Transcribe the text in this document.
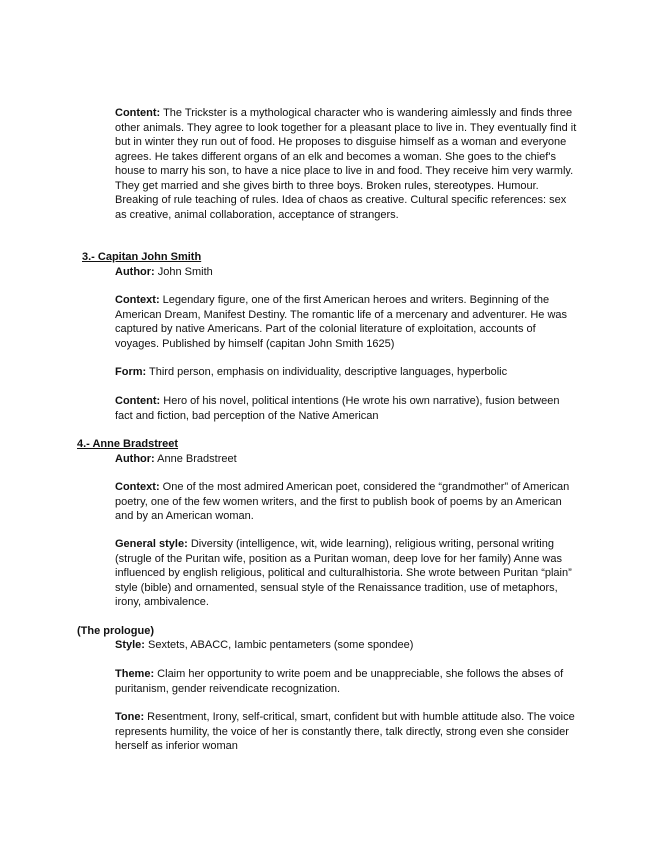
Content: The Trickster is a mythological character who is wandering aimlessly and finds three other animals. They agree to look together for a pleasant place to live in. They eventually find it but in winter they run out of food. He proposes to disguise himself as a woman and everyone agrees. He takes different organs of an elk and becomes a woman. She goes to the chief's house to marry his son, to have a nice place to live in and food. They receive him very warmly. They get married and she gives birth to three boys. Broken rules, stereotypes. Humour. Breaking of rule teaching of rules. Idea of chaos as creative. Cultural specific references: sex as creative, animal collaboration, acceptance of strangers.

3.- Capitan John Smith

Author: John Smith

Context: Legendary figure, one of the first American heroes and writers. Beginning of the American Dream, Manifest Destiny. The romantic life of a mercenary and adventurer. He was captured by native Americans. Part of the colonial literature of exploitation, accounts of voyages. Published by himself (capitan John Smith 1625)

Form: Third person, emphasis on individuality, descriptive languages, hyperbolic

Content: Hero of his novel, political intentions (He wrote his own narrative), fusion between fact and fiction, bad perception of the Native American

4.- Anne Bradstreet

Author: Anne Bradstreet

Context: One of the most admired American poet, considered the “grandmother” of American poetry, one of the few women writers, and the first to publish book of poems by an American and by an American woman.

General style: Diversity (intelligence, wit, wide learning), religious writing, personal writing (strugle of the Puritan wife, position as a Puritan woman, deep love for her family) Anne was influenced by english religious, political and culturalhistoria. She wrote between Puritan “plain” style (bible) and ornamented, sensual style of the Renaissance tradition, use of metaphors, irony, ambivalence.

(The prologue)

Style: Sextets, ABACC, Iambic pentameters (some spondee)

Theme: Claim her opportunity to write poem and be unappreciable, she follows the abses of puritanism, gender reivendicate recognization.

Tone: Resentment, Irony, self-critical, smart, confident but with humble attitude also. The voice represents humility, the voice of her is constantly there, talk directly, strong even she consider herself as inferior woman
